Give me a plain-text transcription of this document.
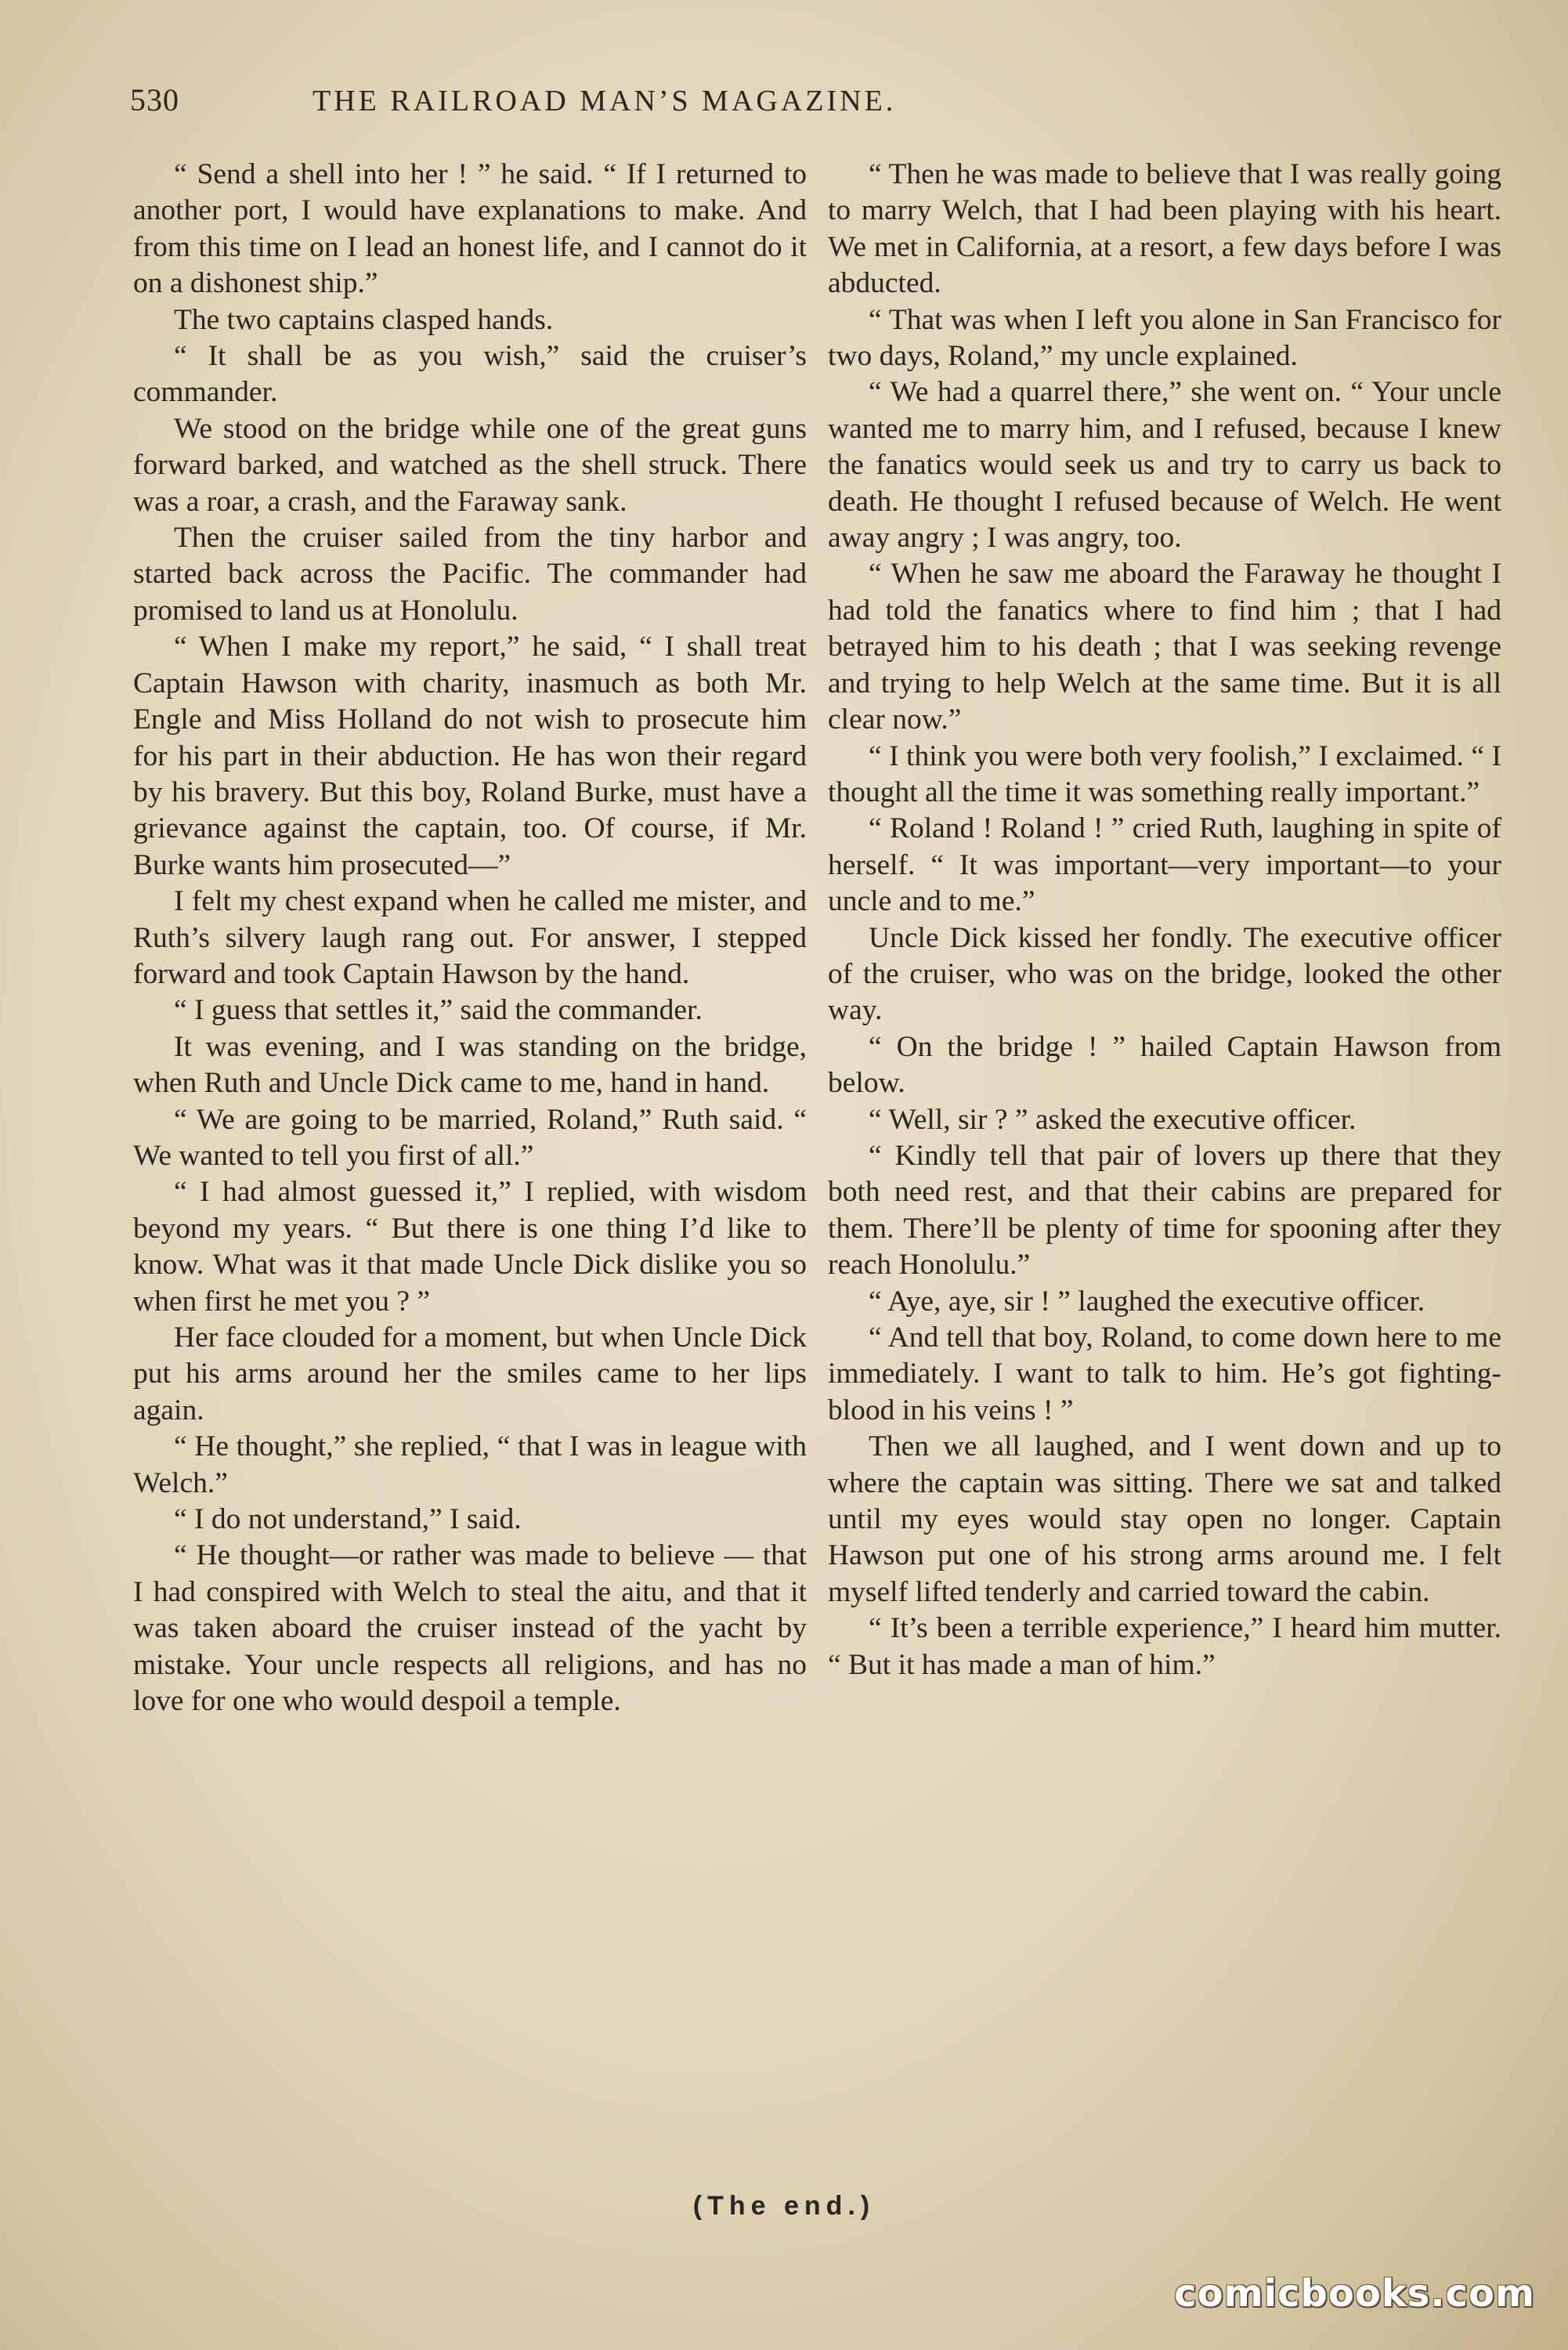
530	THE RAILROAD MAN’S MAGAZINE.

“ Send a shell into her ! ” he said. “ If I returned to another port, I would have explanations to make. And from this time on I lead an honest life, and I cannot do it on a dishonest ship.”

The two captains clasped hands.

“ It shall be as you wish,” said the cruiser’s commander.

We stood on the bridge while one of the great guns forward barked, and watched as the shell struck. There was a roar, a crash, and the Faraway sank.

Then the cruiser sailed from the tiny harbor and started back across the Pacific. The commander had promised to land us at Honolulu.

“ When I make my report,” he said, “ I shall treat Captain Hawson with charity, inasmuch as both Mr. Engle and Miss Holland do not wish to prosecute him for his part in their abduction. He has won their regard by his bravery. But this boy, Roland Burke, must have a grievance against the captain, too. Of course, if Mr. Burke wants him prosecuted—”

I felt my chest expand when he called me mister, and Ruth’s silvery laugh rang out. For answer, I stepped forward and took Captain Hawson by the hand.

“ I guess that settles it,” said the commander.

It was evening, and I was standing on the bridge, when Ruth and Uncle Dick came to me, hand in hand.

“ We are going to be married, Roland,” Ruth said. “ We wanted to tell you first of all.”

“ I had almost guessed it,” I replied, with wisdom beyond my years. “ But there is one thing I’d like to know. What was it that made Uncle Dick dislike you so when first he met you ? ”

Her face clouded for a moment, but when Uncle Dick put his arms around her the smiles came to her lips again.

“ He thought,” she replied, “ that I was in league with Welch.”

“ I do not understand,” I said.

“ He thought—or rather was made to believe — that I had conspired with Welch to steal the aitu, and that it was taken aboard the cruiser instead of the yacht by mistake. Your uncle respects all religions, and has no love for one who would despoil a temple.

“ Then he was made to believe that I was really going to marry Welch, that I had been playing with his heart. We met in California, at a resort, a few days before I was abducted.

“ That was when I left you alone in San Francisco for two days, Roland,” my uncle explained.

“ We had a quarrel there,” she went on. “ Your uncle wanted me to marry him, and I refused, because I knew the fanatics would seek us and try to carry us back to death. He thought I refused because of Welch. He went away angry ; I was angry, too.

“ When he saw me aboard the Faraway he thought I had told the fanatics where to find him ; that I had betrayed him to his death ; that I was seeking revenge and trying to help Welch at the same time. But it is all clear now.”

“ I think you were both very foolish,” I exclaimed. “ I thought all the time it was something really important.”

“ Roland ! Roland ! ” cried Ruth, laughing in spite of herself. “ It was important—very important—to your uncle and to me.”

Uncle Dick kissed her fondly. The executive officer of the cruiser, who was on the bridge, looked the other way.

“ On the bridge ! ” hailed Captain Hawson from below.

“ Well, sir ? ” asked the executive officer.

“ Kindly tell that pair of lovers up there that they both need rest, and that their cabins are prepared for them. There’ll be plenty of time for spooning after they reach Honolulu.”

“ Aye, aye, sir ! ” laughed the executive officer.

“ And tell that boy, Roland, to come down here to me immediately. I want to talk to him. He’s got fighting-blood in his veins ! ”

Then we all laughed, and I went down and up to where the captain was sitting. There we sat and talked until my eyes would stay open no longer. Captain Hawson put one of his strong arms around me. I felt myself lifted tenderly and carried toward the cabin.

“ It’s been a terrible experience,” I heard him mutter. “ But it has made a man of him.”

(The end.)
comicbooks.com
